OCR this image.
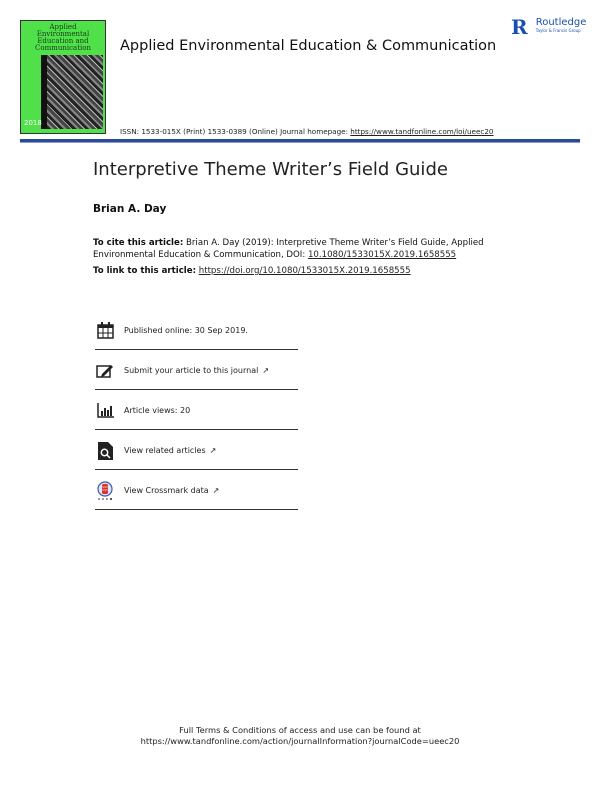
Applied Environmental Education and Communication
2018
Applied Environmental Education & Communication
R Routledge
Taylor & Francis Group
ISSN: 1533-015X (Print) 1533-0389 (Online) Journal homepage: https://www.tandfonline.com/loi/ueec20
Interpretive Theme Writer’s Field Guide
Brian A. Day
To cite this article: Brian A. Day (2019): Interpretive Theme Writer’s Field Guide, Applied Environmental Education & Communication, DOI: 10.1080/1533015X.2019.1658555
To link to this article: https://doi.org/10.1080/1533015X.2019.1658555
Published online: 30 Sep 2019.
Submit your article to this journal ↗
Article views: 20
View related articles ↗
View Crossmark data ↗
Full Terms & Conditions of access and use can be found at
https://www.tandfonline.com/action/journalInformation?journalCode=ueec20
